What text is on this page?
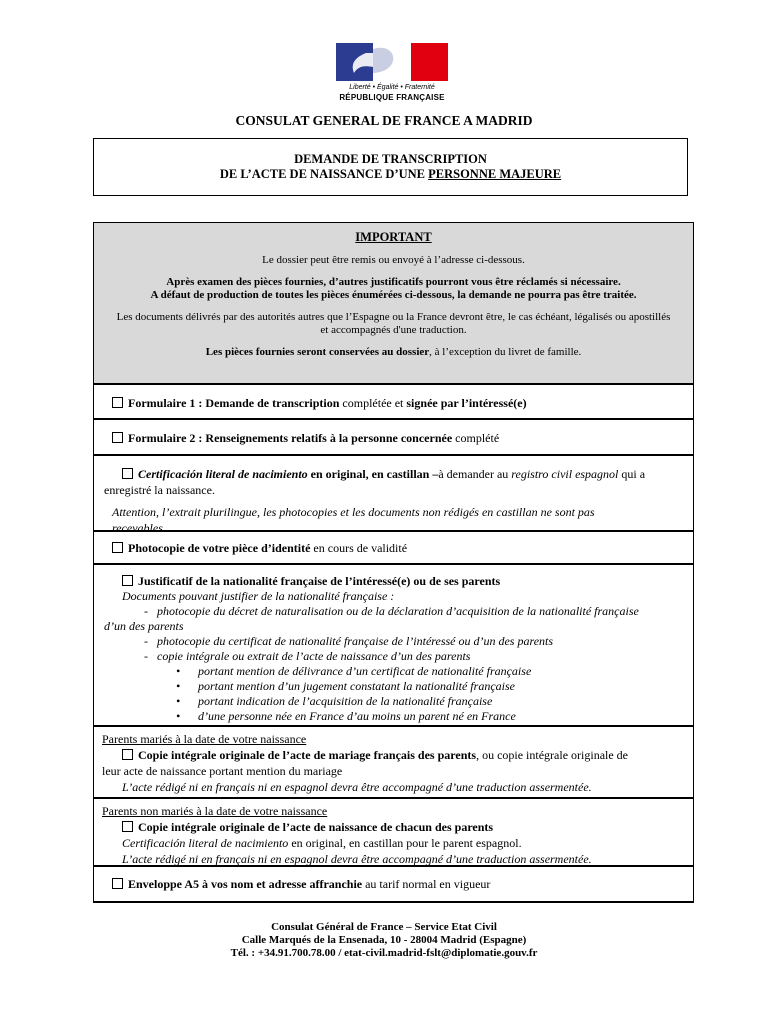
Liberté • Égalité • Fraternité
RÉPUBLIQUE FRANÇAISE
CONSULAT GENERAL DE FRANCE A MADRID
DEMANDE DE TRANSCRIPTION
DE L’ACTE DE NAISSANCE D’UNE PERSONNE MAJEURE
IMPORTANT

Le dossier peut être remis ou envoyé à l’adresse ci-dessous.

Après examen des pièces fournies, d’autres justificatifs pourront vous être réclamés si nécessaire.
A défaut de production de toutes les pièces énumérées ci-dessous, la demande ne pourra pas être traitée.

Les documents délivrés par des autorités autres que l’Espagne ou la France devront être, le cas échéant, légalisés ou apostillés
et accompagnés d'une traduction.

Les pièces fournies seront conservées au dossier, à l’exception du livret de famille.

Formulaire 1 : Demande de transcription complétée et signée par l’intéressé(e)
Formulaire 2 : Renseignements relatifs à la personne concernée complété
Certificación literal de nacimiento en original, en castillan –à demander au registro civil espagnol qui a
enregistré la naissance.
Attention, l’extrait plurilingue, les photocopies et les documents non rédigés en castillan ne sont pas
recevables
Photocopie de votre pièce d’identité en cours de validité
Justificatif de la nationalité française de l’intéressé(e) ou de ses parents
Documents pouvant justifier de la nationalité française :
-   photocopie du décret de naturalisation ou de la déclaration d’acquisition de la nationalité française
d’un des parents
-   photocopie du certificat de nationalité française de l’intéressé ou d’un des parents
-   copie intégrale ou extrait de l’acte de naissance d’un des parents
• portant mention de délivrance d’un certificat de nationalité française
• portant mention d’un jugement constatant la nationalité française
• portant indication de l’acquisition de la nationalité française
• d’une personne née en France d’au moins un parent né en France
Parents mariés à la date de votre naissance
Copie intégrale originale de l’acte de mariage français des parents, ou copie intégrale originale de
leur acte de naissance portant mention du mariage
L’acte rédigé ni en français ni en espagnol devra être accompagné d’une traduction assermentée.
Parents non mariés à la date de votre naissance
Copie intégrale originale de l’acte de naissance de chacun des parents
Certificación literal de nacimiento en original, en castillan pour le parent espagnol.
L’acte rédigé ni en français ni en espagnol devra être accompagné d’une traduction assermentée.
Enveloppe A5 à vos nom et adresse affranchie au tarif normal en vigueur
Consulat Général de France – Service Etat Civil
Calle Marqués de la Ensenada, 10 - 28004 Madrid (Espagne)
Tél. : +34.91.700.78.00 / etat-civil.madrid-fslt@diplomatie.gouv.fr
